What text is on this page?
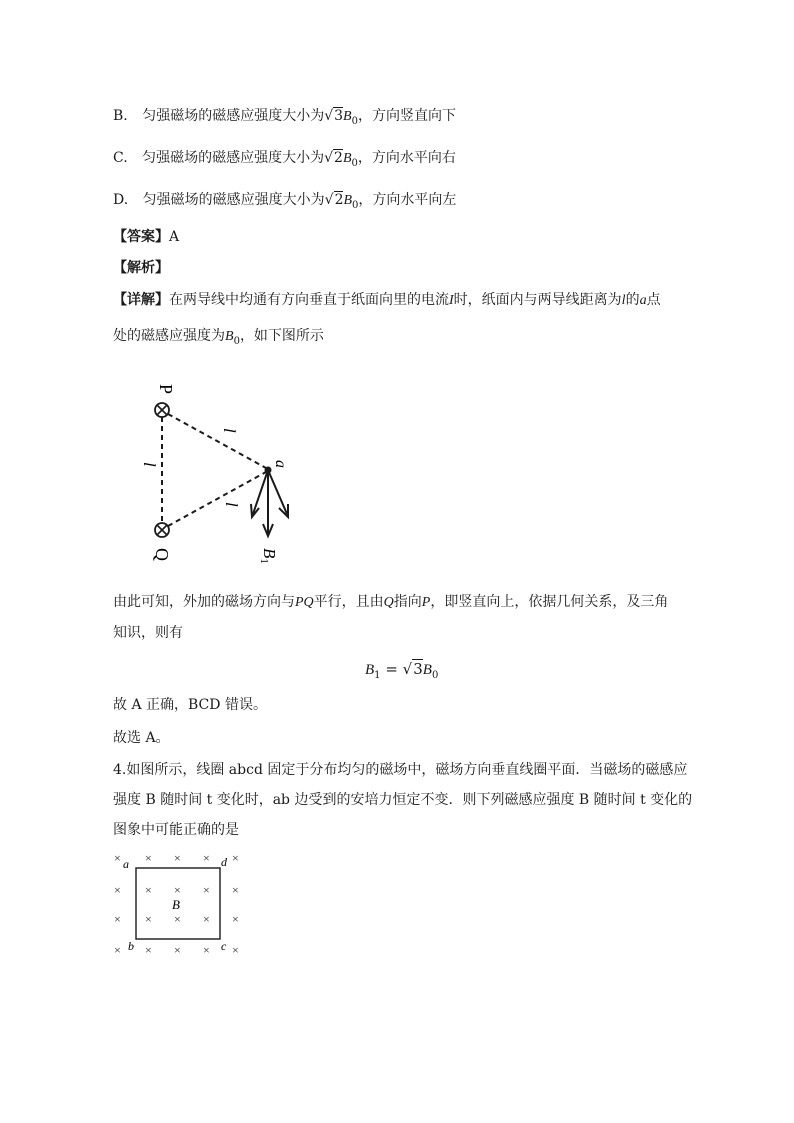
B. 匀强磁场的磁感应强度大小为$√3B_0$，方向竖直向下
C. 匀强磁场的磁感应强度大小为$√2B_0$，方向水平向右
D. 匀强磁场的磁感应强度大小为$√2B_0$，方向水平向左
【答案】A
【解析】
【详解】在两导线中均通有方向垂直于纸面向里的电流I时，纸面内与两导线距离为l的a点
处的磁感应强度为$B_0$，如下图所示
P
Q
l
l
l
a
B1
由此可知，外加的磁场方向与PQ平行，且由Q指向P，即竖直向上，依据几何关系，及三角
知识，则有
$B_1 = √3B_0$
故 A 正确，BCD 错误。
故选 A。
4.如图所示，线圈 abcd 固定于分布均匀的磁场中，磁场方向垂直线圈平面．当磁场的磁感应
强度 B 随时间 t 变化时，ab 边受到的安培力恒定不变．则下列磁感应强度 B 随时间 t 变化的
图象中可能正确的是
× × × × ×
× × × × ×
× × × × ×
× × × × ×
a
b	c
d
B
